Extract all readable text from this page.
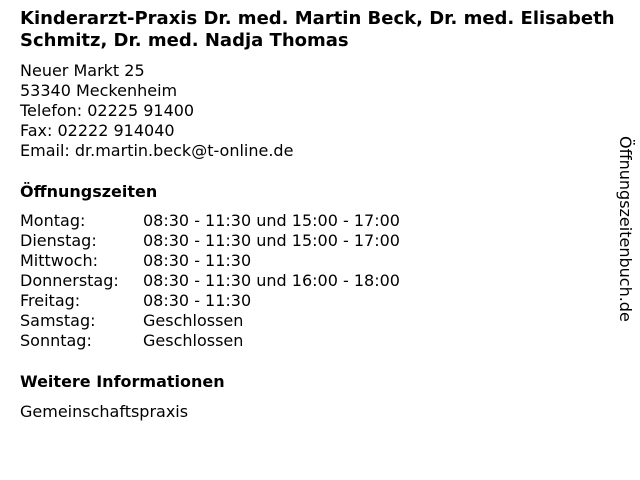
Kinderarzt-Praxis Dr. med. Martin Beck, Dr. med. Elisabeth Schmitz, Dr. med. Nadja Thomas
Neuer Markt 25
53340 Meckenheim
Telefon: 02225 91400
Fax: 02222 914040
Email: dr.martin.beck@t-online.de
Öffnungszeiten
Montag:	08:30 - 11:30 und 15:00 - 17:00
Dienstag:	08:30 - 11:30 und 15:00 - 17:00
Mittwoch:	08:30 - 11:30
Donnerstag:	08:30 - 11:30 und 16:00 - 18:00
Freitag:	08:30 - 11:30
Samstag:	Geschlossen
Sonntag:	Geschlossen
Weitere Informationen
Gemeinschaftspraxis
Öffnungszeitenbuch.de
